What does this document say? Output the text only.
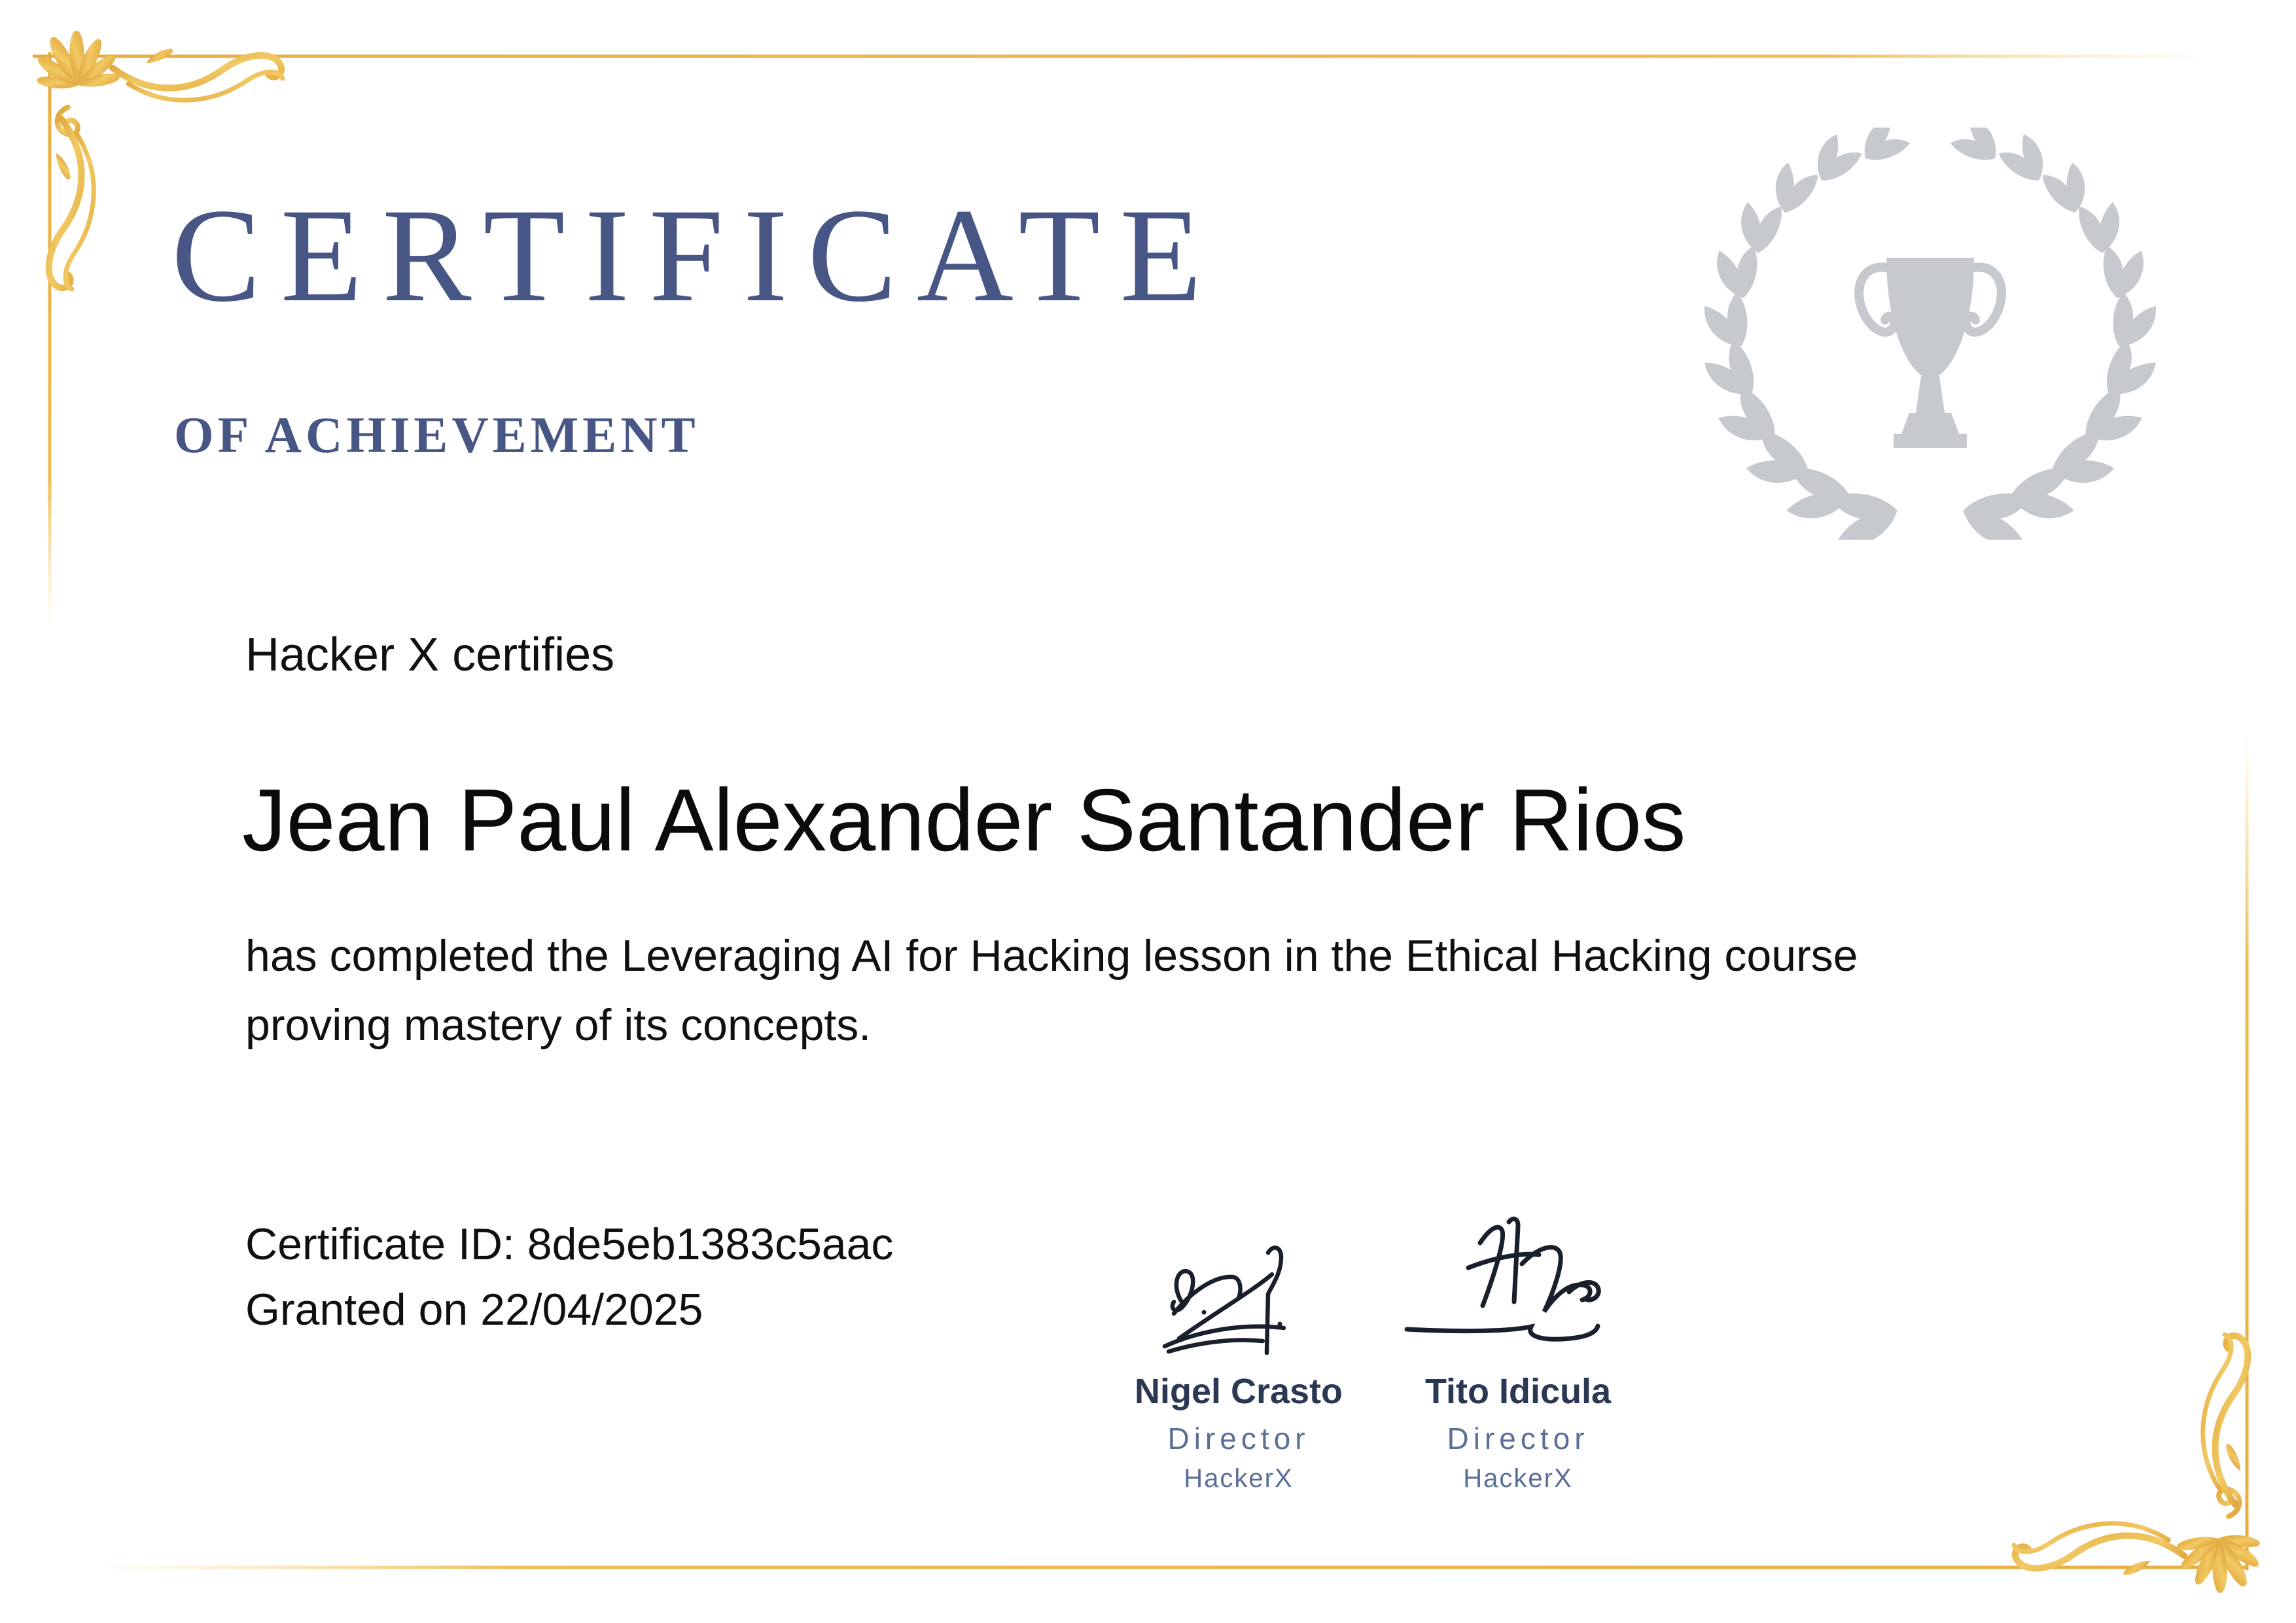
CERTIFICATE
OF ACHIEVEMENT
Hacker X certifies
Jean Paul Alexander Santander Rios
has completed the Leveraging AI for Hacking lesson in the Ethical Hacking course
proving mastery of its concepts.
Certificate ID: 8de5eb1383c5aac
Granted on 22/04/2025
Nigel Crasto
Director
HackerX
Tito Idicula
Director
HackerX
